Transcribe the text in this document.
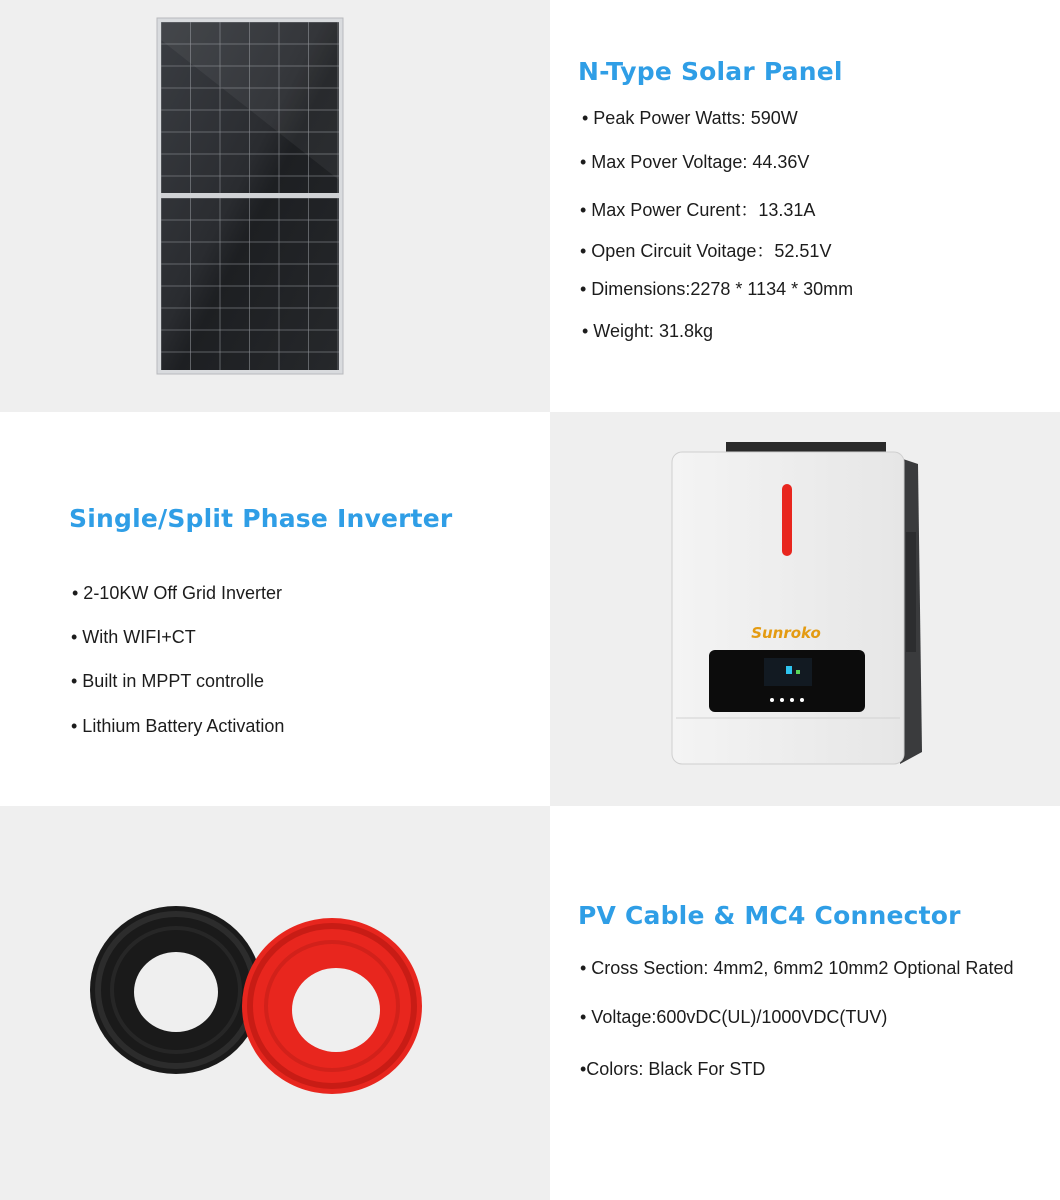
N-Type Solar Panel
• Peak Power Watts: 590W
• Max Pover Voltage: 44.36V
• Max Power Curent：13.31A
• Open Circuit Voitage：52.51V
• Dimensions:2278 * 1134 * 30mm
• Weight: 31.8kg
Single/Split Phase Inverter
• 2-10KW Off Grid Inverter
• With WIFI+CT
• Built in MPPT controlle
• Lithium Battery Activation
Sunroko
PV Cable & MC4 Connector
• Cross Section: 4mm2, 6mm2 10mm2 Optional Rated
• Voltage:600vDC(UL)/1000VDC(TUV)
•Colors: Black For STD
